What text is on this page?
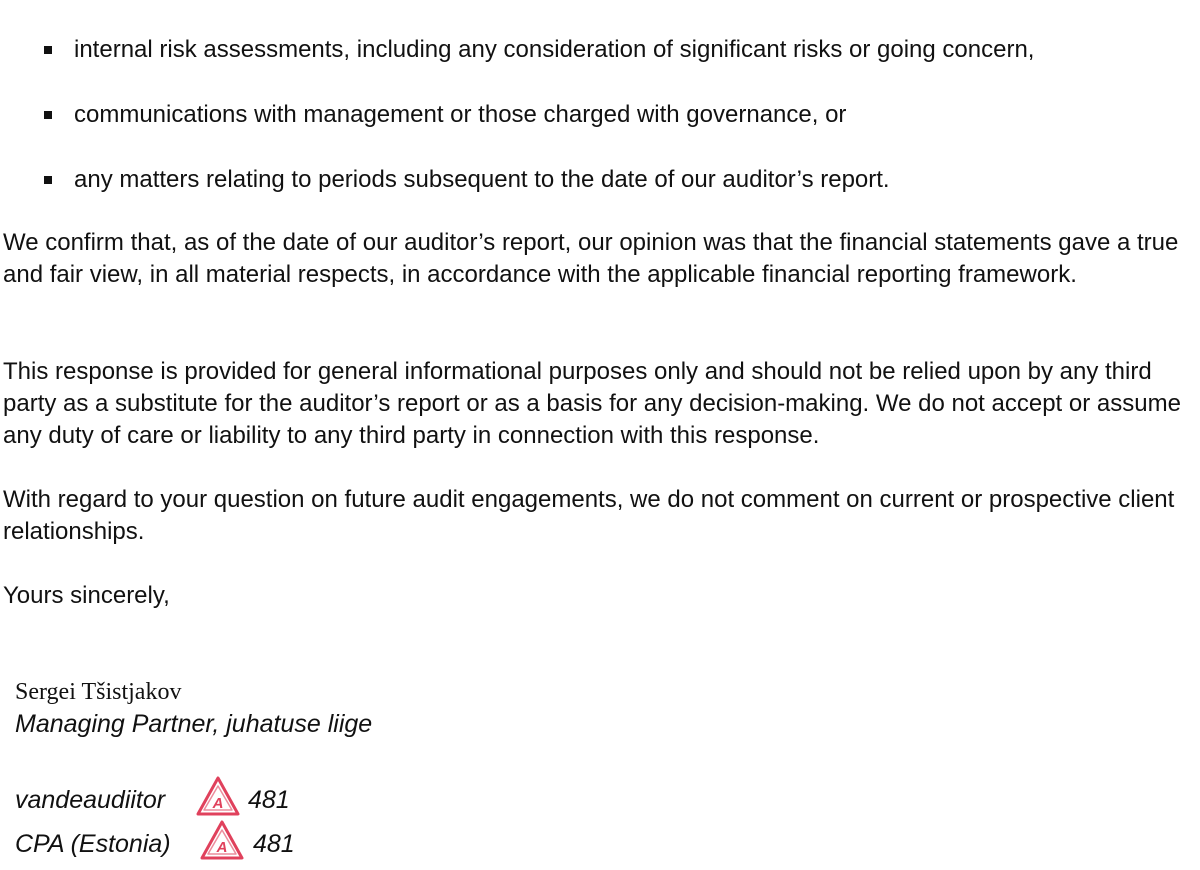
internal risk assessments, including any consideration of significant risks or going concern,
communications with management or those charged with governance, or
any matters relating to periods subsequent to the date of our auditor’s report.

We confirm that, as of the date of our auditor’s report, our opinion was that the financial statements gave a true and fair view, in all material respects, in accordance with the applicable financial reporting framework.

This response is provided for general informational purposes only and should not be relied upon by any third party as a substitute for the auditor’s report or as a basis for any decision-making. We do not accept or assume any duty of care or liability to any third party in connection with this response.

With regard to your question on future audit engagements, we do not comment on current or prospective client relationships.

Yours sincerely,

Sergei Tšistjakov
Managing Partner, juhatuse liige
vandeaudiitor	A 481
CPA (Estonia)	A 481
